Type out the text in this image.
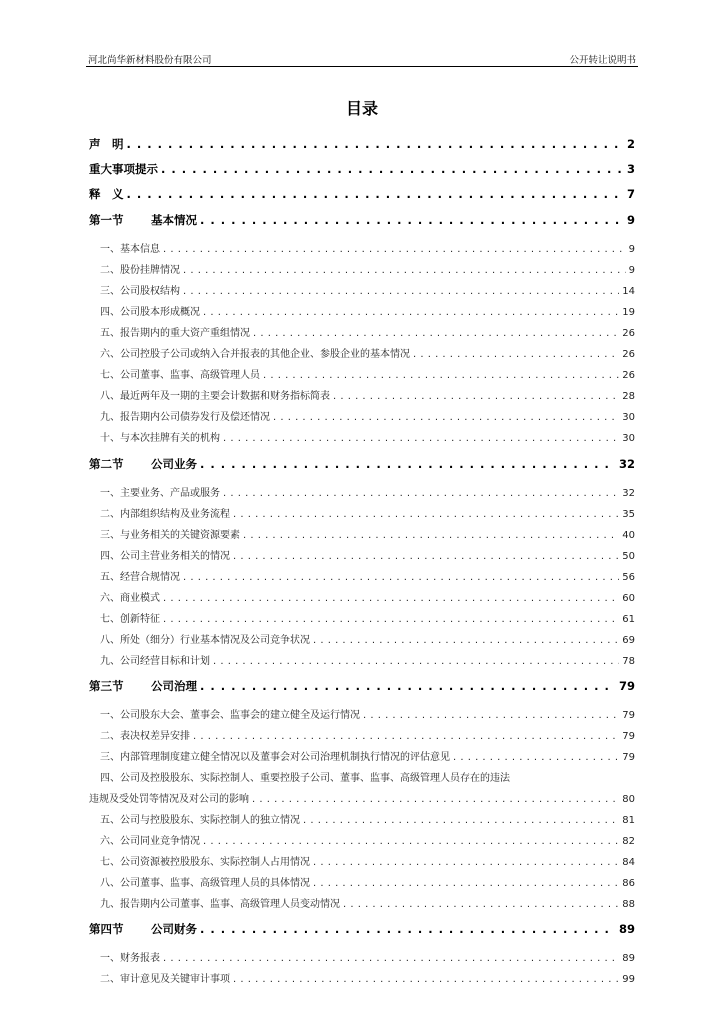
河北尚华新材料股份有限公司	公开转让说明书
目录
声　明 . . .	2
重大事项提示 . . .	3
释　义 . . .	7
第一节 基本情况 . . .	9
一、基本信息 . . .	9
二、股份挂牌情况 . . .	9
三、公司股权结构 . . .	14
四、公司股本形成概况 . . .	19
五、报告期内的重大资产重组情况 . . .	26
六、公司控股子公司或纳入合并报表的其他企业、参股企业的基本情况 . . .	26
七、公司董事、监事、高级管理人员 . . .	26
八、最近两年及一期的主要会计数据和财务指标简表 . . .	28
九、报告期内公司债券发行及偿还情况 . . .	30
十、与本次挂牌有关的机构 . . .	30
第二节 公司业务 . . .	32
一、主要业务、产品或服务 . . .	32
二、内部组织结构及业务流程 . . .	35
三、与业务相关的关键资源要素 . . .	40
四、公司主营业务相关的情况 . . .	50
五、经营合规情况 . . .	56
六、商业模式 . . .	60
七、创新特征 . . .	61
八、所处（细分）行业基本情况及公司竞争状况 . . .	69
九、公司经营目标和计划 . . .	78
第三节 公司治理 . . .	79
一、公司股东大会、董事会、监事会的建立健全及运行情况 . . .	79
二、表决权差异安排 . . .	79
三、内部管理制度建立健全情况以及董事会对公司治理机制执行情况的评估意见 . . .	79
四、公司及控股股东、实际控制人、重要控股子公司、董事、监事、高级管理人员存在的违法
违规及受处罚等情况及对公司的影响 . . .	80
五、公司与控股股东、实际控制人的独立情况 . . .	81
六、公司同业竞争情况 . . .	82
七、公司资源被控股股东、实际控制人占用情况 . . .	84
八、公司董事、监事、高级管理人员的具体情况 . . .	86
九、报告期内公司董事、监事、高级管理人员变动情况 . . .	88
第四节 公司财务 . . .	89
一、财务报表 . . .	89
二、审计意见及关键审计事项 . . .	99
